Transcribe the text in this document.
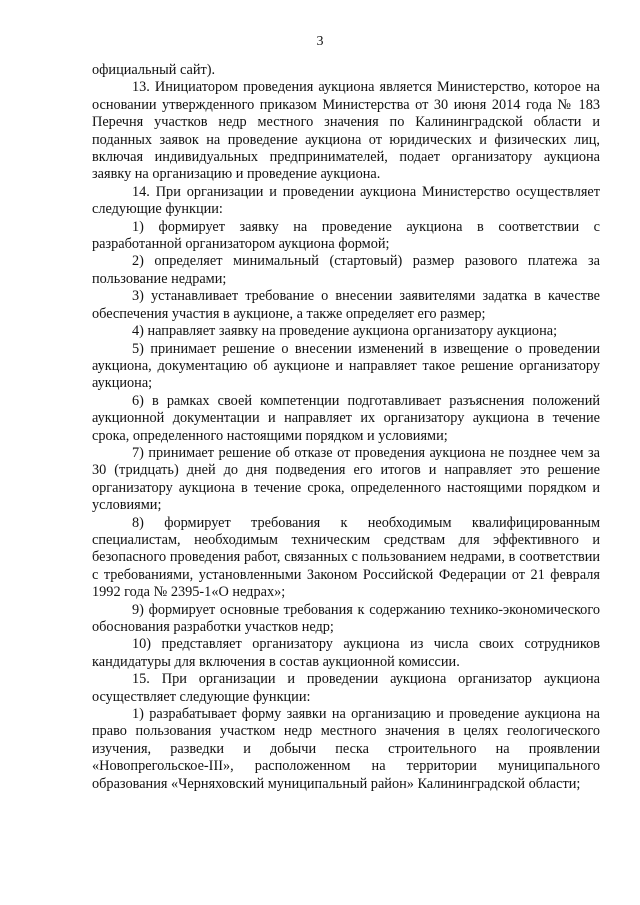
3

официальный сайт).

13. Инициатором проведения аукциона является Министерство, которое на основании утвержденного приказом Министерства от 30 июня 2014 года № 183 Перечня участков недр местного значения по Калининградской области и поданных заявок на проведение аукциона от юридических и физических лиц, включая индивидуальных предпринимателей, подает организатору аукциона заявку на организацию и проведение аукциона.

14. При организации и проведении аукциона Министерство осуществляет следующие функции:

1) формирует заявку на проведение аукциона в соответствии с разработанной организатором аукциона формой;

2) определяет минимальный (стартовый) размер разового платежа за пользование недрами;

3) устанавливает требование о внесении заявителями задатка в качестве обеспечения участия в аукционе, а также определяет его размер;

4) направляет заявку на проведение аукциона организатору аукциона;

5) принимает решение о внесении изменений в извещение о проведении аукциона, документацию об аукционе и направляет такое решение организатору аукциона;

6) в рамках своей компетенции подготавливает разъяснения положений аукционной документации и направляет их организатору аукциона в течение срока, определенного настоящими порядком и условиями;

7) принимает решение об отказе от проведения аукциона не позднее чем за 30 (тридцать) дней до дня подведения его итогов и направляет это решение организатору аукциона в течение срока, определенного настоящими порядком и условиями;

8) формирует требования к необходимым квалифицированным специалистам, необходимым техническим средствам для эффективного и безопасного проведения работ, связанных с пользованием недрами, в соответствии с требованиями, установленными Законом Российской Федерации от 21 февраля 1992 года № 2395-1«О недрах»;

9) формирует основные требования к содержанию технико-экономического обоснования разработки участков недр;

10) представляет организатору аукциона из числа своих сотрудников кандидатуры для включения в состав аукционной комиссии.

15. При организации и проведении аукциона организатор аукциона осуществляет следующие функции:

1) разрабатывает форму заявки на организацию и проведение аукциона на право пользования участком недр местного значения в целях геологического изучения, разведки и добычи песка строительного на проявлении «Новопрегольское-III», расположенном на территории муниципального образования «Черняховский муниципальный район» Калининградской области;
